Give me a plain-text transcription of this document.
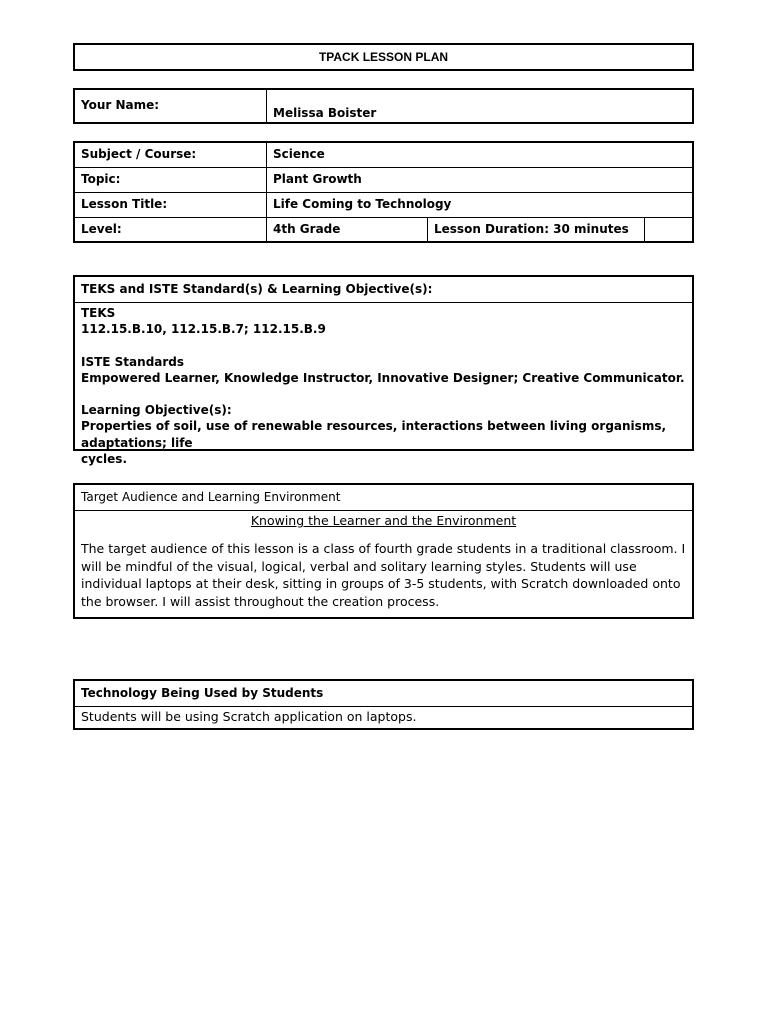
TPACK LESSON PLAN
Your Name:
Melissa Boister
Subject / Course:	Science
Topic:	Plant Growth
Lesson Title:	Life Coming to Technology
Level:	4th Grade	Lesson Duration: 30 minutes
TEKS and ISTE Standard(s) & Learning Objective(s):
TEKS
112.15.B.10, 112.15.B.7; 112.15.B.9
ISTE Standards
Empowered Learner, Knowledge Instructor, Innovative Designer; Creative Communicator.
Learning Objective(s):
Properties of soil, use of renewable resources, interactions between living organisms, adaptations; life
cycles.
Target Audience and Learning Environment
Knowing the Learner and the Environment
The target audience of this lesson is a class of fourth grade students in a traditional classroom. I
will be mindful of the visual, logical, verbal and solitary learning styles. Students will use
individual laptops at their desk, sitting in groups of 3-5 students, with Scratch downloaded onto
the browser. I will assist throughout the creation process.
Technology Being Used by Students
Students will be using Scratch application on laptops.
